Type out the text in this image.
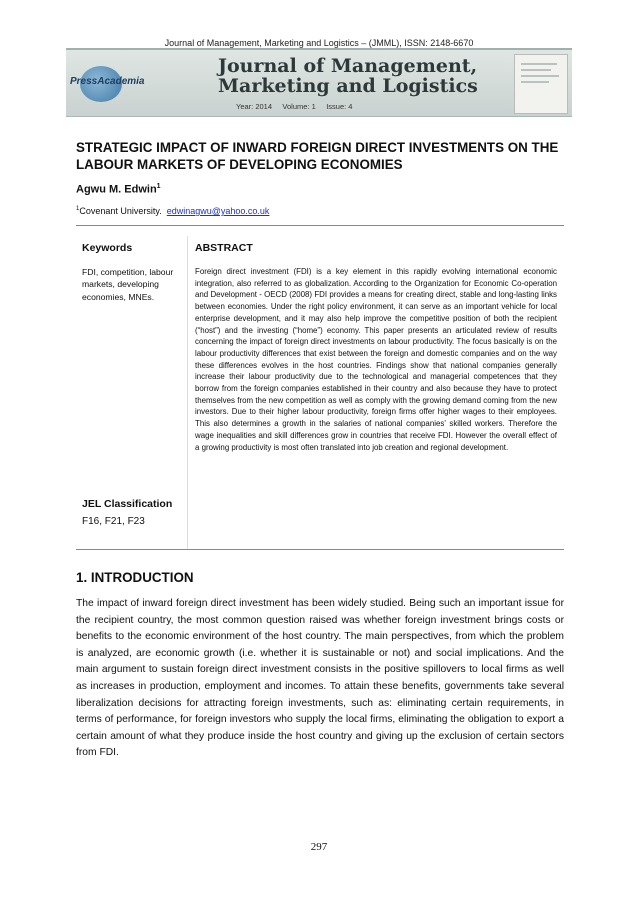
Journal of Management, Marketing and Logistics – (JMML), ISSN: 2148-6670
PressAcademia
Journal of Management,
Marketing and Logistics
Year: 2014     Volume: 1     Issue: 4
STRATEGIC IMPACT OF INWARD FOREIGN DIRECT INVESTMENTS ON THE LABOUR MARKETS OF DEVELOPING ECONOMIES
Agwu M. Edwin$^1$
$^1$Covenant University. edwinagwu@yahoo.co.uk
Keywords	ABSTRACT
FDI, competition, labour markets, developing economies, MNEs.
JEL Classification
F16, F21, F23

Foreign direct investment (FDI) is a key element in this rapidly evolving international economic integration, also referred to as globalization. According to the Organization for Economic Co-operation and Development - OECD (2008) FDI provides a means for creating direct, stable and long-lasting links between economies. Under the right policy environment, it can serve as an important vehicle for local enterprise development, and it may also help improve the competitive position of both the recipient (“host”) and the investing (“home”) economy. This paper presents an articulated review of results concerning the impact of foreign direct investments on labour productivity. The focus basically is on the labour productivity differences that exist between the foreign and domestic companies and on the way these differences evolves in the host countries. Findings show that national companies generally increase their labour productivity due to the technological and managerial competences that they borrow from the foreign companies established in their country and also because they have to protect themselves from the new competition as well as comply with the growing demand coming from the new investors. Due to their higher labour productivity, foreign firms offer higher wages to their employees. This also determines a growth in the salaries of national companies’ skilled workers. Therefore the wage inequalities and skill differences grow in countries that receive FDI. However the overall effect of a growing productivity is most often translated into job creation and regional development.

1. INTRODUCTION

The impact of inward foreign direct investment has been widely studied. Being such an important issue for the recipient country, the most common question raised was whether foreign investment brings costs or benefits to the economic environment of the host country. The main perspectives, from which the problem is analyzed, are economic growth (i.e. whether it is sustainable or not) and social implications. And the main argument to sustain foreign direct investment consists in the positive spillovers to local firms as well as increases in production, employment and incomes. To attain these benefits, governments take several liberalization decisions for attracting foreign investments, such as: eliminating certain requirements, in terms of performance, for foreign investors who supply the local firms, eliminating the obligation to export a certain amount of what they produce inside the host country and giving up the exclusion of certain sectors from FDI.

297
